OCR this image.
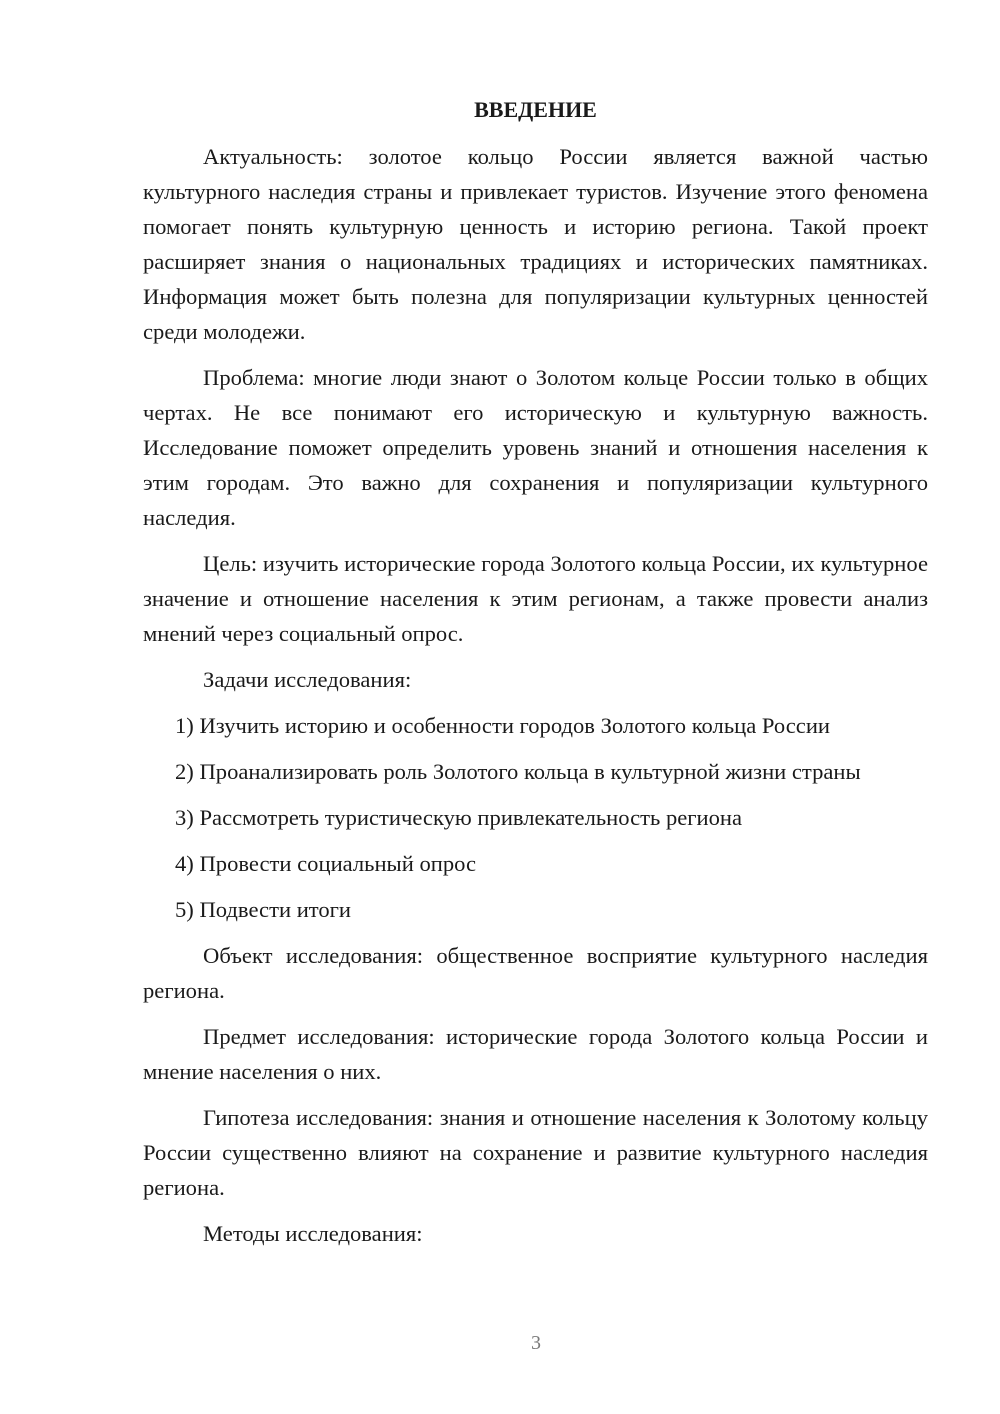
ВВЕДЕНИЕ

Актуальность: золотое кольцо России является важной частью культурного наследия страны и привлекает туристов. Изучение этого феномена помогает понять культурную ценность и историю региона. Такой проект расширяет знания о национальных традициях и исторических памятниках. Информация может быть полезна для популяризации культурных ценностей среди молодежи.

Проблема: многие люди знают о Золотом кольце России только в общих чертах. Не все понимают его историческую и культурную важность. Исследование поможет определить уровень знаний и отношения населения к этим городам. Это важно для сохранения и популяризации культурного наследия.

Цель: изучить исторические города Золотого кольца России, их культурное значение и отношение населения к этим регионам, а также провести анализ мнений через социальный опрос.

Задачи исследования:

1) Изучить историю и особенности городов Золотого кольца России

2) Проанализировать роль Золотого кольца в культурной жизни страны

3) Рассмотреть туристическую привлекательность региона

4) Провести социальный опрос

5) Подвести итоги

Объект исследования: общественное восприятие культурного наследия региона.

Предмет исследования: исторические города Золотого кольца России и мнение населения о них.

Гипотеза исследования: знания и отношение населения к Золотому кольцу России существенно влияют на сохранение и развитие культурного наследия региона.

Методы исследования:

3
